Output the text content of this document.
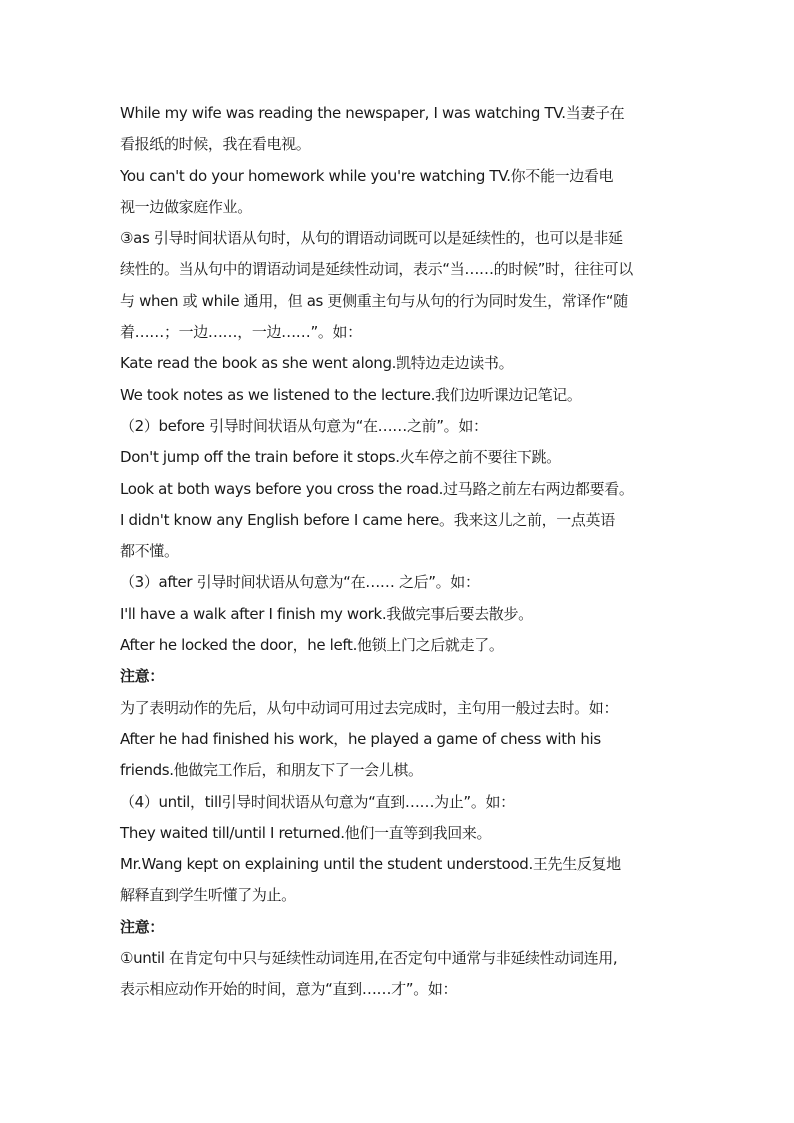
While my wife was reading the newspaper, I was watching TV.当妻子在
看报纸的时候，我在看电视。
You can't do your homework while you're watching TV.你不能一边看电
视一边做家庭作业。
③as 引导时间状语从句时，从句的谓语动词既可以是延续性的，也可以是非延
续性的。当从句中的谓语动词是延续性动词，表示“当……的时候”时，往往可以
与 when 或 while 通用，但 as 更侧重主句与从句的行为同时发生，常译作“随
着……；一边……，一边……”。如：
Kate read the book as she went along.凯特边走边读书。
We took notes as we listened to the lecture.我们边听课边记笔记。
（2）before 引导时间状语从句意为“在……之前”。如：
Don't jump off the train before it stops.火车停之前不要往下跳。
Look at both ways before you cross the road.过马路之前左右两边都要看。
I didn't know any English before I came here。我来这儿之前，一点英语
都不懂。
（3）after 引导时间状语从句意为“在…… 之后”。如：
I'll have a walk after I finish my work.我做完事后要去散步。
After he locked the door，he left.他锁上门之后就走了。
注意：
为了表明动作的先后，从句中动词可用过去完成时，主句用一般过去时。如：
After he had finished his work，he played a game of chess with his
friends.他做完工作后，和朋友下了一会儿棋。
（4）until，till引导时间状语从句意为“直到……为止”。如：
They waited till/until I returned.他们一直等到我回来。
Mr.Wang kept on explaining until the student understood.王先生反复地
解释直到学生听懂了为止。
注意：
①until 在肯定句中只与延续性动词连用,在否定句中通常与非延续性动词连用,
表示相应动作开始的时间，意为“直到……才”。如：
